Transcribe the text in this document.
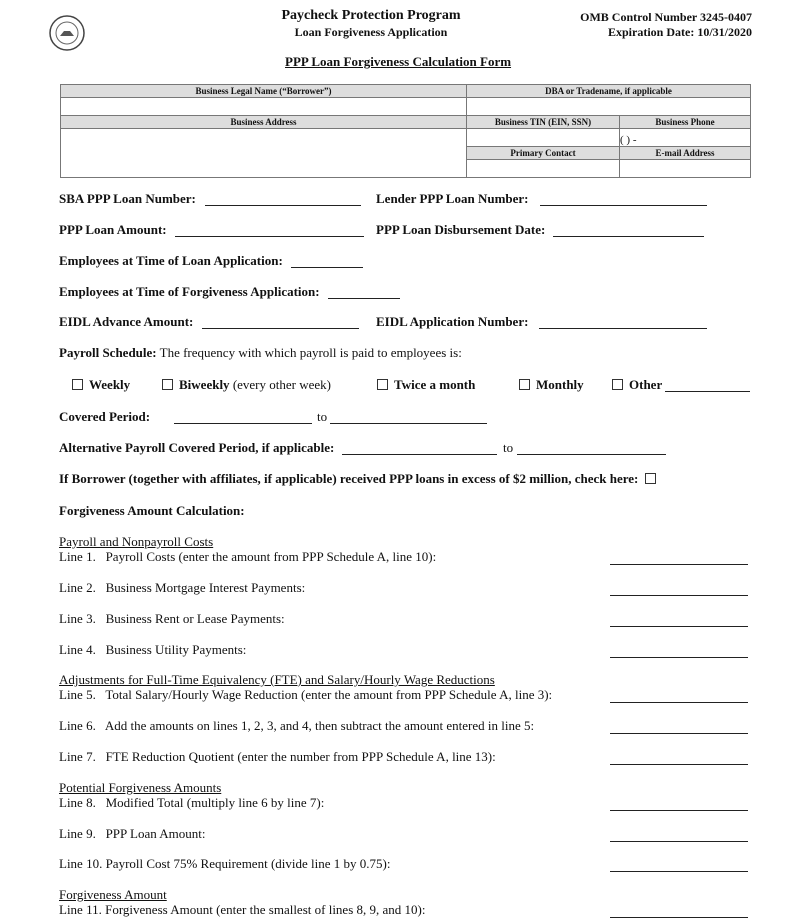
Paycheck Protection Program
Loan Forgiveness Application
OMB Control Number 3245-0407
Expiration Date: 10/31/2020
PPP Loan Forgiveness Calculation Form
Business Legal Name (“Borrower”)	DBA or Tradename, if applicable	

Business Address	Business TIN (EIN, SSN)	Business Phone
		( ) -
	Primary Contact	E-mail Address

SBA PPP Loan Number:	Lender PPP Loan Number:
PPP Loan Amount:	PPP Loan Disbursement Date:
Employees at Time of Loan Application:
Employees at Time of Forgiveness Application:
EIDL Advance Amount:	EIDL Application Number:
Payroll Schedule: The frequency with which payroll is paid to employees is:
Weekly	Biweekly (every other week)	Twice a month	Monthly	Other
Covered Period:	to
Alternative Payroll Covered Period, if applicable:	to
If Borrower (together with affiliates, if applicable) received PPP loans in excess of $2 million, check here:
Forgiveness Amount Calculation:
Payroll and Nonpayroll Costs
Adjustments for Full-Time Equivalency (FTE) and Salary/Hourly Wage Reductions
Potential Forgiveness Amounts
Forgiveness Amount
Line 1.   Payroll Costs (enter the amount from PPP Schedule A, line 10):
Line 2.   Business Mortgage Interest Payments:
Line 3.   Business Rent or Lease Payments:
Line 4.   Business Utility Payments:
Line 5.   Total Salary/Hourly Wage Reduction (enter the amount from PPP Schedule A, line 3):
Line 6.   Add the amounts on lines 1, 2, 3, and 4, then subtract the amount entered in line 5:
Line 7.   FTE Reduction Quotient (enter the number from PPP Schedule A, line 13):
Line 8.   Modified Total (multiply line 6 by line 7):
Line 9.   PPP Loan Amount:
Line 10. Payroll Cost 75% Requirement (divide line 1 by 0.75):
Line 11. Forgiveness Amount (enter the smallest of lines 8, 9, and 10):
